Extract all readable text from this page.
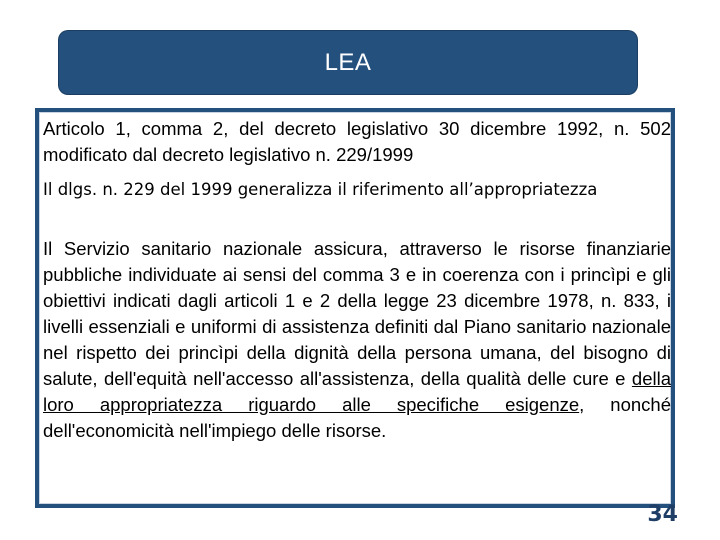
LEA

Articolo 1, comma 2, del decreto legislativo 30 dicembre 1992, n. 502 modificato dal decreto legislativo n. 229/1999

Il dlgs. n. 229 del 1999 generalizza il riferimento all’appropriatezza

Il Servizio sanitario nazionale assicura, attraverso le risorse finanziarie pubbliche individuate ai sensi del comma 3 e in coerenza con i princìpi e gli obiettivi indicati dagli articoli 1 e 2 della legge 23 dicembre 1978, n. 833, i livelli essenziali e uniformi di assistenza definiti dal Piano sanitario nazionale nel rispetto dei princìpi della dignità della persona umana, del bisogno di salute, dell'equità nell'accesso all'assistenza, della qualità delle cure e della loro appropriatezza riguardo alle specifiche esigenze, nonché dell'economicità nell'impiego delle risorse.

34
